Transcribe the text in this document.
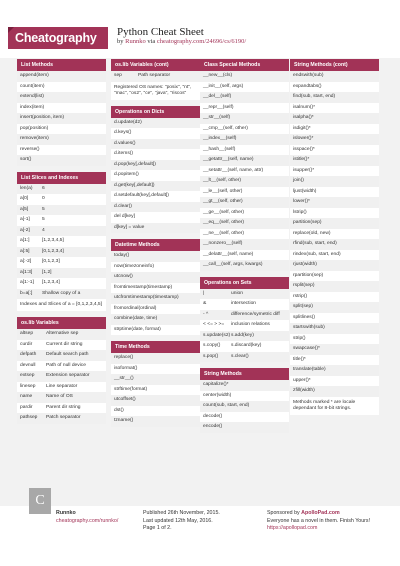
Cheatography	Python Cheat Sheet
by Runnko via cheatography.com/24696/cs/6190/
List Methods
append(item)
count(item)
extend(list)
index(item)
insert(position, item)
pop(position)
remove(item)
reverse()
sort()
List Slices and Indexes
len(a)	6
a[0]	0
a[5]	5
a[-1]	5
a[-2]	4
a[1:]	[1,2,3,4,5]
a[:5]	[0,1,2,3,4]
a[:-2]	[0,1,2,3]
a[1:3]	[1,2]
a[1:-1]	[1,2,3,4]
b=a[:]	Shallow copy of a
Indexes and Slices of a = [0,1,2,3,4,5]
os.lib Variables
altsep	Alternative sep
curdir	Current dir string
defpath	Default search path
devnull	Path of null device
extsep	Extension separator
linesep	Line separator
name	Name of OS
pardir	Parent dir string
pathsep	Patch separator
os.lib Variables (cont)
sep	Path separator
Registered OS names: "posix", "nt", "mac", "os2", "ce", "java", "riscos"
Operations on Dicts
d.update(d2)
d.keys()
d.values()
d.items()
d.pop(key[,default])
d.popitem()
d.get(key[,default])
d.setdefault(key[,default])
d.clear()
del d[key]
d[key] = value
Datetime Methods
today()
now(timezoneinfo)
utcnow()
fromtimestamp(timestamp)
utcfromtimestamp(timestamp)
fromordinal(ordinal)
combine(date, time)
strptime(date, format)
Time Methods
replace()
isoformat()
__str__()
strftime(format)
utcoffset()
dst()
tzname()
Class Special Methods
__new__(cls)
__init__(self, args)
__del__(self)
__repr__(self)
__str__(self)
__cmp__(self, other)
__index__(self)
__hash__(self)
__getattr__(self, name)
__setattr__(self, name, attr)
__lt__(self, other)
__le__(self, other)
__gt__(self, other)
__ge__(self, other)
__eq__(self, other)
__ne__(self, other)
__nonzero__(self)
__delattr__(self, name)
__call__(self, args, kwargs)
Operations on Sets
|	union
&	intersection
- ^	difference/symetric diff
< <= > >=	inclusion relations
s.update(s2) s.add(key)
s.copy()	s.discard(key)
s.pop()	s.clear()
String Methods
capitalize()*
center(width)
count(sub, start, end)
decode()
encode()
String Methods (cont)
endswith(sub)
expandtabs()
find(sub, start, end)
isalnum()*
isalpha()*
isdigit()*
islower()*
isspace()*
istitle()*
isupper()*
join()
ljust(width)
lower()*
lstrip()
partition(sep)
replace(old, new)
rfind(sub, start, end)
rindex(sub, start, end)
rjust(width)
rpartition(sep)
rsplit(sep)
rstrip()
split(sep)
splitlines()
startswith(sub)
strip()
swapcase()*
title()*
translate(table)
upper()*
zfill(width)
Methods marked * are locale dependant for 8-bit strings.
C
Runnko
cheatography.com/runnko/
Published 26th November, 2015.
Last updated 12th May, 2016.
Page 1 of 2.
Sponsored by ApolloPad.com
Everyone has a novel in them. Finish Yours!
https://apollopad.com
